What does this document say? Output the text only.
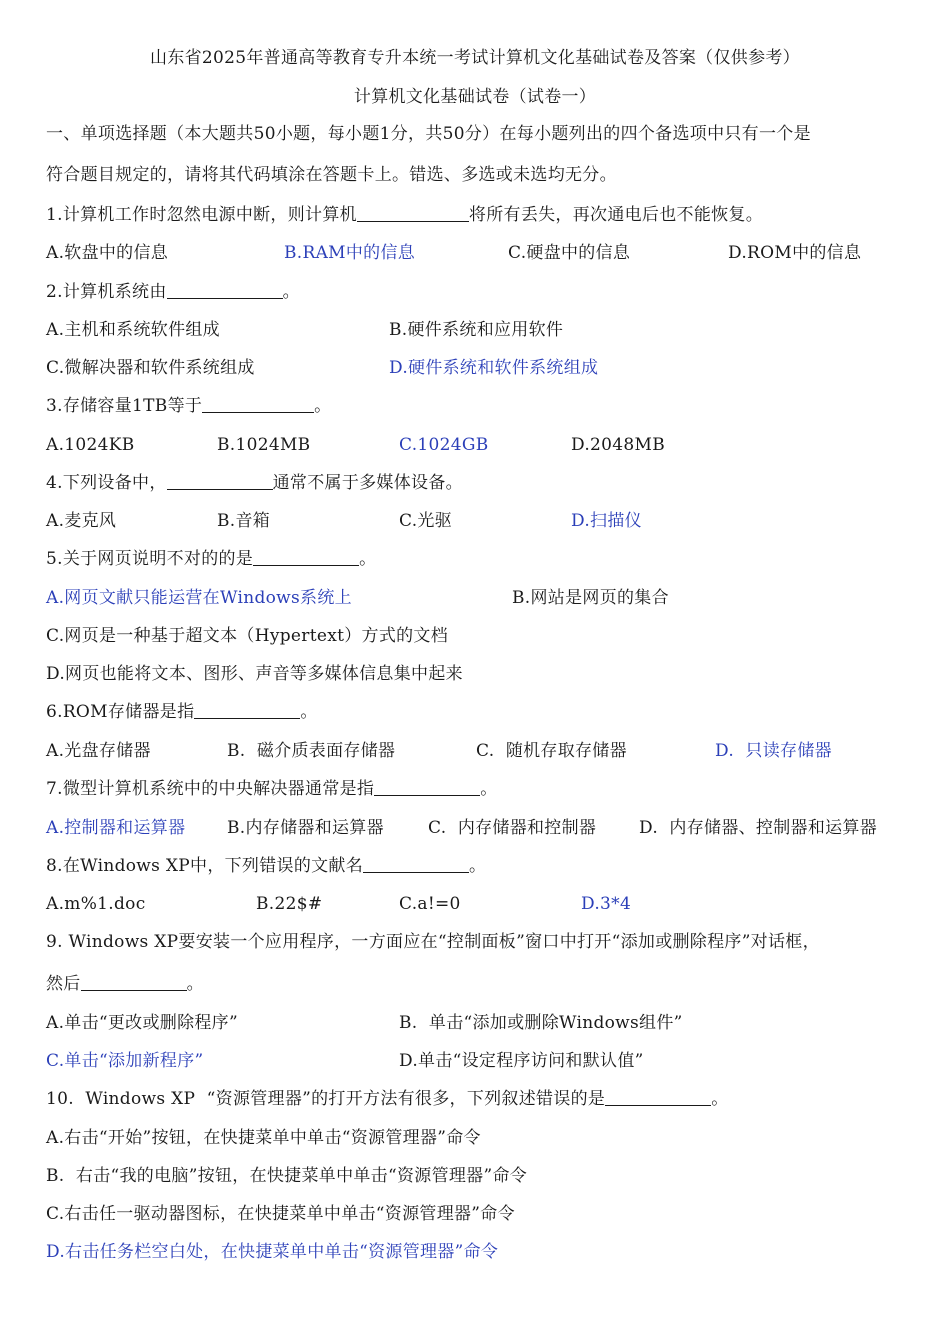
山东省2025年普通高等教育专升本统一考试计算机文化基础试卷及答案（仅供参考）
计算机文化基础试卷（试卷一）
一、单项选择题（本大题共50小题，每小题1分，共50分）在每小题列出的四个备选项中只有一个是
符合题目规定的，请将其代码填涂在答题卡上。错选、多选或未选均无分。
1.计算机工作时忽然电源中断，则计算机	将所有丢失，再次通电后也不能恢复。
A.软盘中的信息	B.RAM中的信息	C.硬盘中的信息	D.ROM中的信息
2.计算机系统由	。
A.主机和系统软件组成	B.硬件系统和应用软件
C.微解决器和软件系统组成	D.硬件系统和软件系统组成
3.存储容量1TB等于	。
A.1024KB	B.1024MB	C.1024GB	D.2048MB
4.下列设备中，	通常不属于多媒体设备。
A.麦克风	B.音箱	C.光驱	D.扫描仪
5.关于网页说明不对的的是	。
A.网页文献只能运营在Windows系统上	B.网站是网页的集合
C.网页是一种基于超文本（Hypertext）方式的文档
D.网页也能将文本、图形、声音等多媒体信息集中起来
6.ROM存储器是指	。
A.光盘存储器	B.  磁介质表面存储器	C.  随机存取存储器	D.  只读存储器
7.微型计算机系统中的中央解决器通常是指	。
A.控制器和运算器 B.内存储器和运算器	C.  内存储器和控制器	D.  内存储器、控制器和运算器
8.在Windows XP中，下列错误的文献名	。
A.m%1.doc	B.22$#	C.a!=0	D.3*4
9. Windows XP要安装一个应用程序，一方面应在“控制面板”窗口中打开“添加或删除程序”对话框，
然后	。
A.单击“更改或删除程序”	B.  单击“添加或删除Windows组件”
C.单击“添加新程序”	D.单击“设定程序访问和默认值”
10.  Windows XP  “资源管理器”的打开方法有很多，下列叙述错误的是	。
A.右击“开始”按钮，在快捷菜单中单击“资源管理器”命令
B.  右击“我的电脑”按钮，在快捷菜单中单击“资源管理器”命令
C.右击任一驱动器图标，在快捷菜单中单击“资源管理器”命令
D.右击任务栏空白处，在快捷菜单中单击“资源管理器”命令
